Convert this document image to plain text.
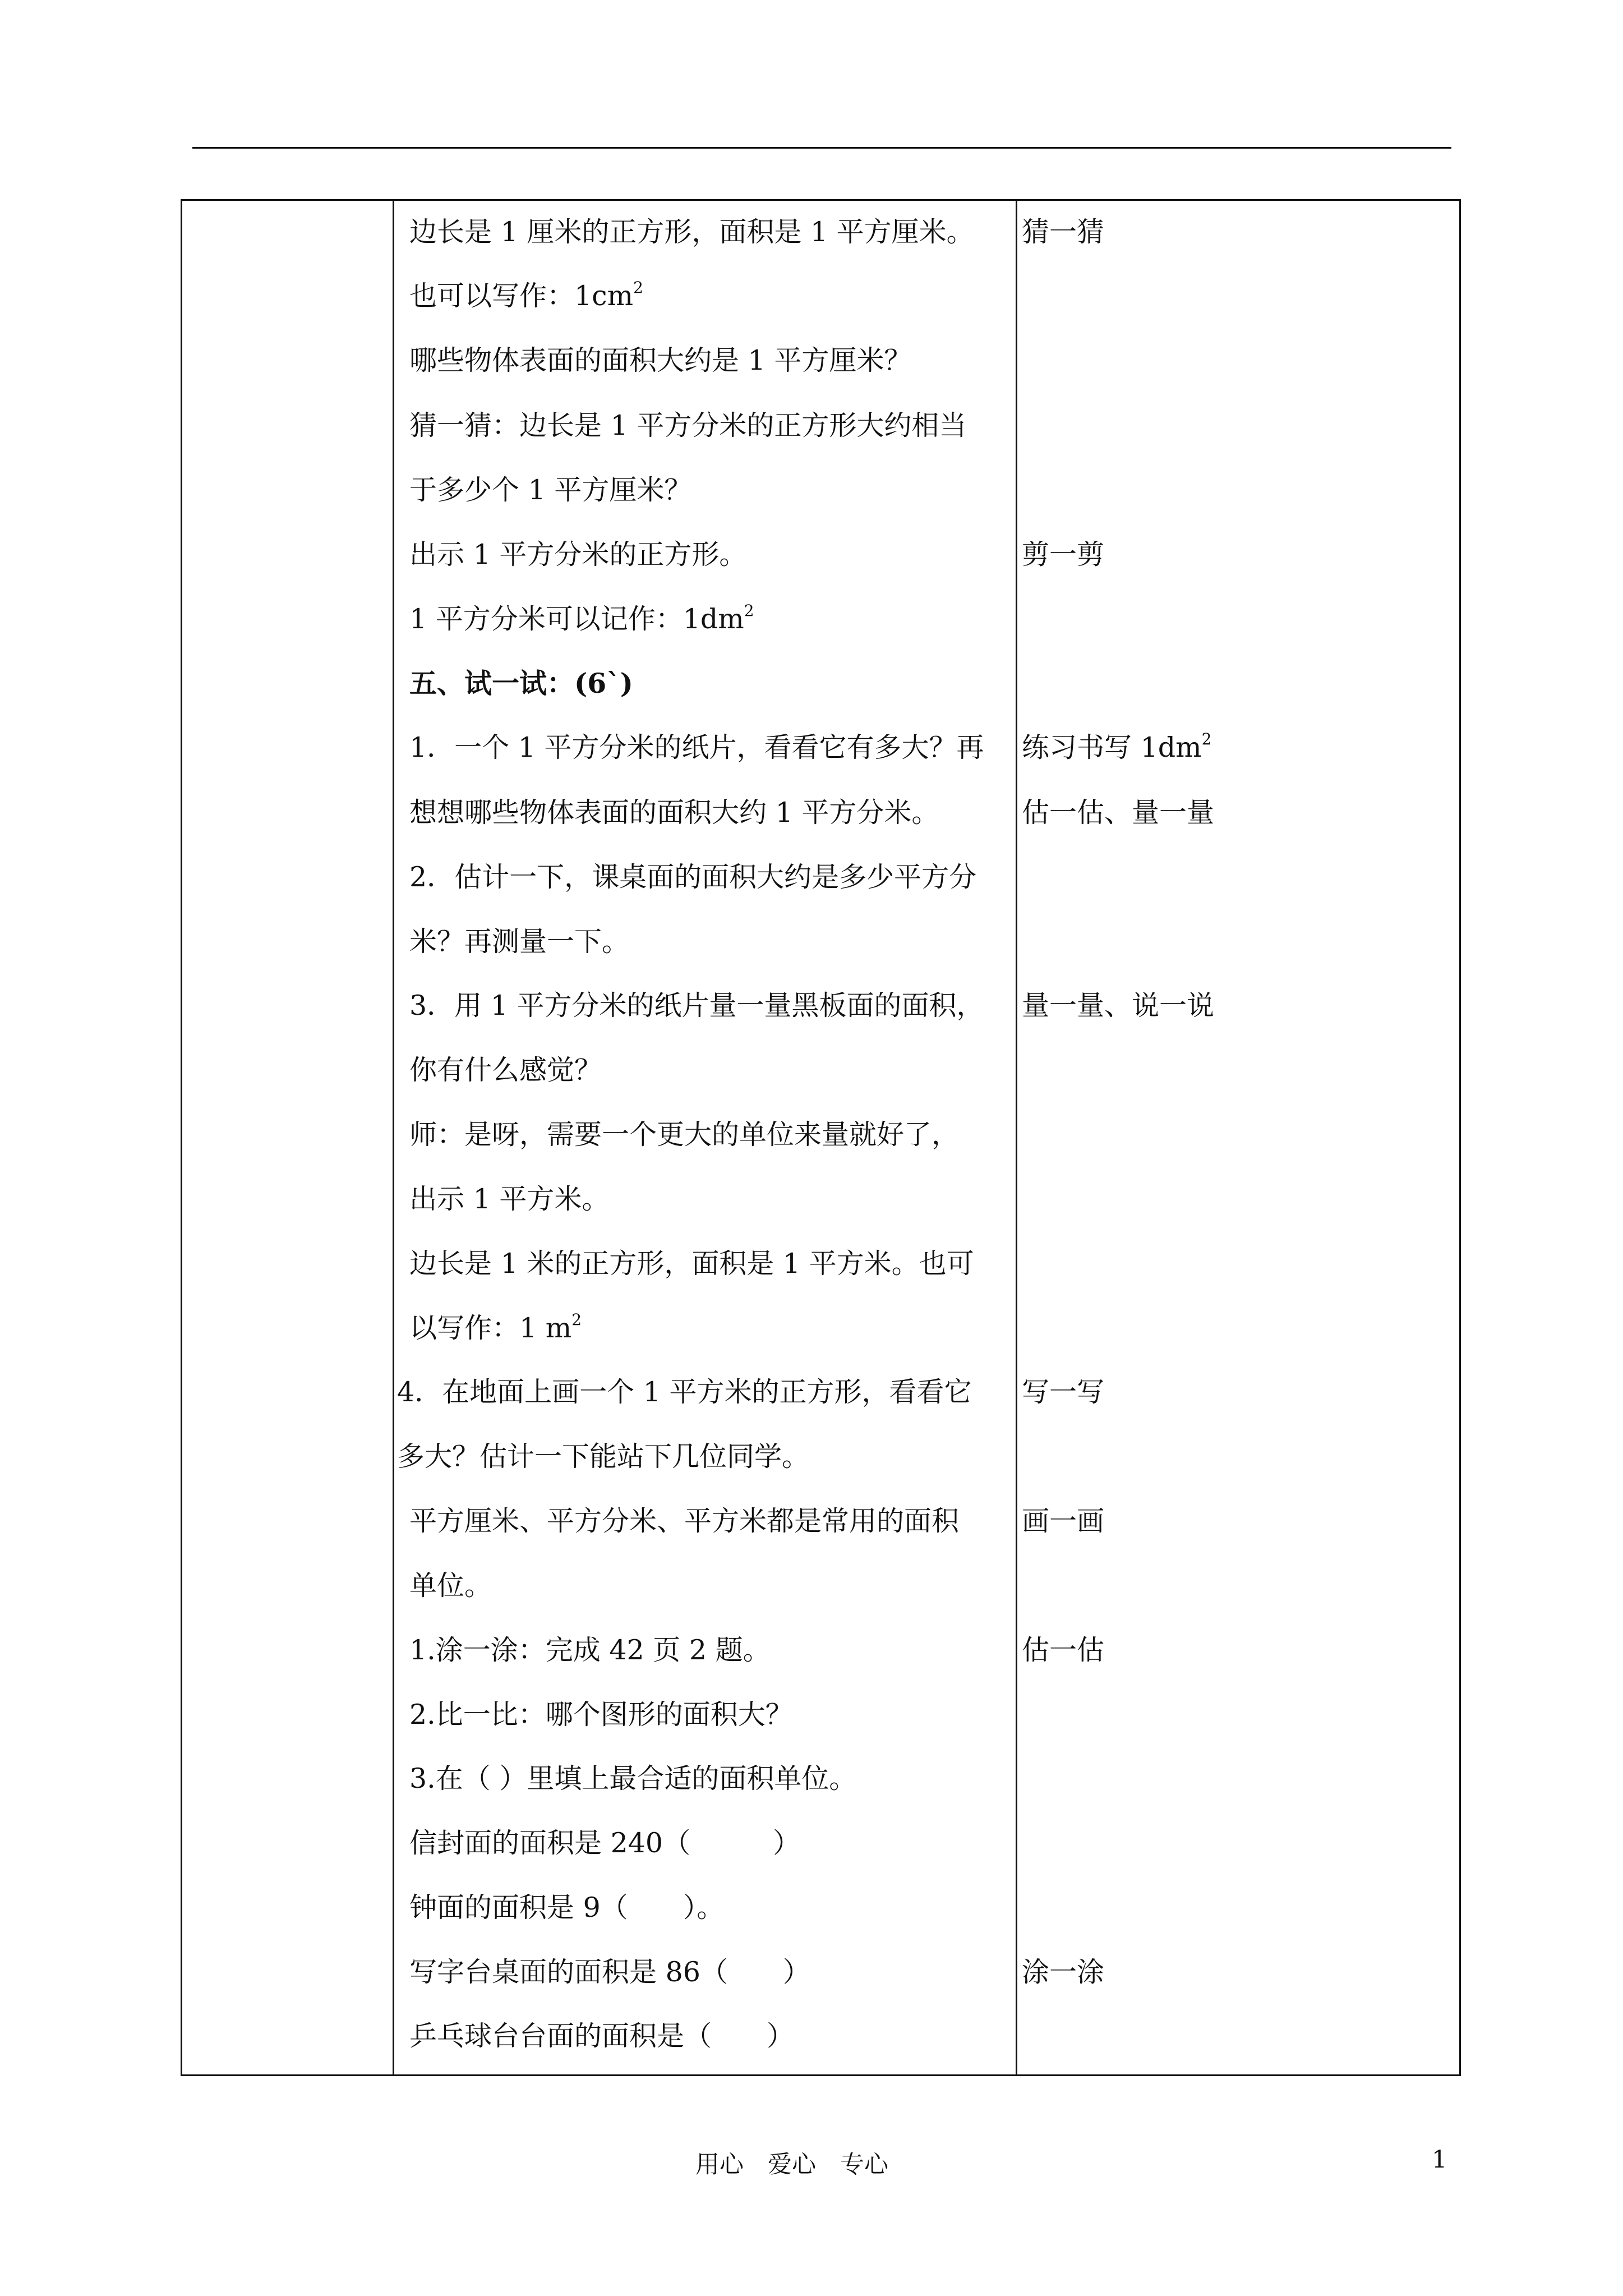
边长是 1 厘米的正方形，面积是 1 平方厘米。
也可以写作：$1cm^2$
哪些物体表面的面积大约是 1 平方厘米？
猜一猜：边长是 1 平方分米的正方形大约相当
于多少个 1 平方厘米？
出示 1 平方分米的正方形。
1 平方分米可以记作：$1dm^2$
五、试一试：(6`)
1．一个 1 平方分米的纸片，看看它有多大？再
想想哪些物体表面的面积大约 1 平方分米。
2．估计一下，课桌面的面积大约是多少平方分
米？再测量一下。
3．用 1 平方分米的纸片量一量黑板面的面积，
你有什么感觉？
师：是呀，需要一个更大的单位来量就好了，
出示 1 平方米。
边长是 1 米的正方形，面积是 1 平方米。也可
以写作：1 $m^2$
4．在地面上画一个 1 平方米的正方形，看看它
多大？估计一下能站下几位同学。
平方厘米、平方分米、平方米都是常用的面积
单位。
1.涂一涂：完成 42 页 2 题。
2.比一比：哪个图形的面积大？
3.在（ ）里填上最合适的面积单位。
信封面的面积是 240（　　　）
钟面的面积是 9（　　）。
写字台桌面的面积是 86（　　）
乒乓球台台面的面积是（　　）
猜一猜
剪一剪
练习书写 $1dm^2$
估一估、量一量
量一量、说一说
写一写
画一画
估一估
涂一涂
用心　爱心　专心	1
